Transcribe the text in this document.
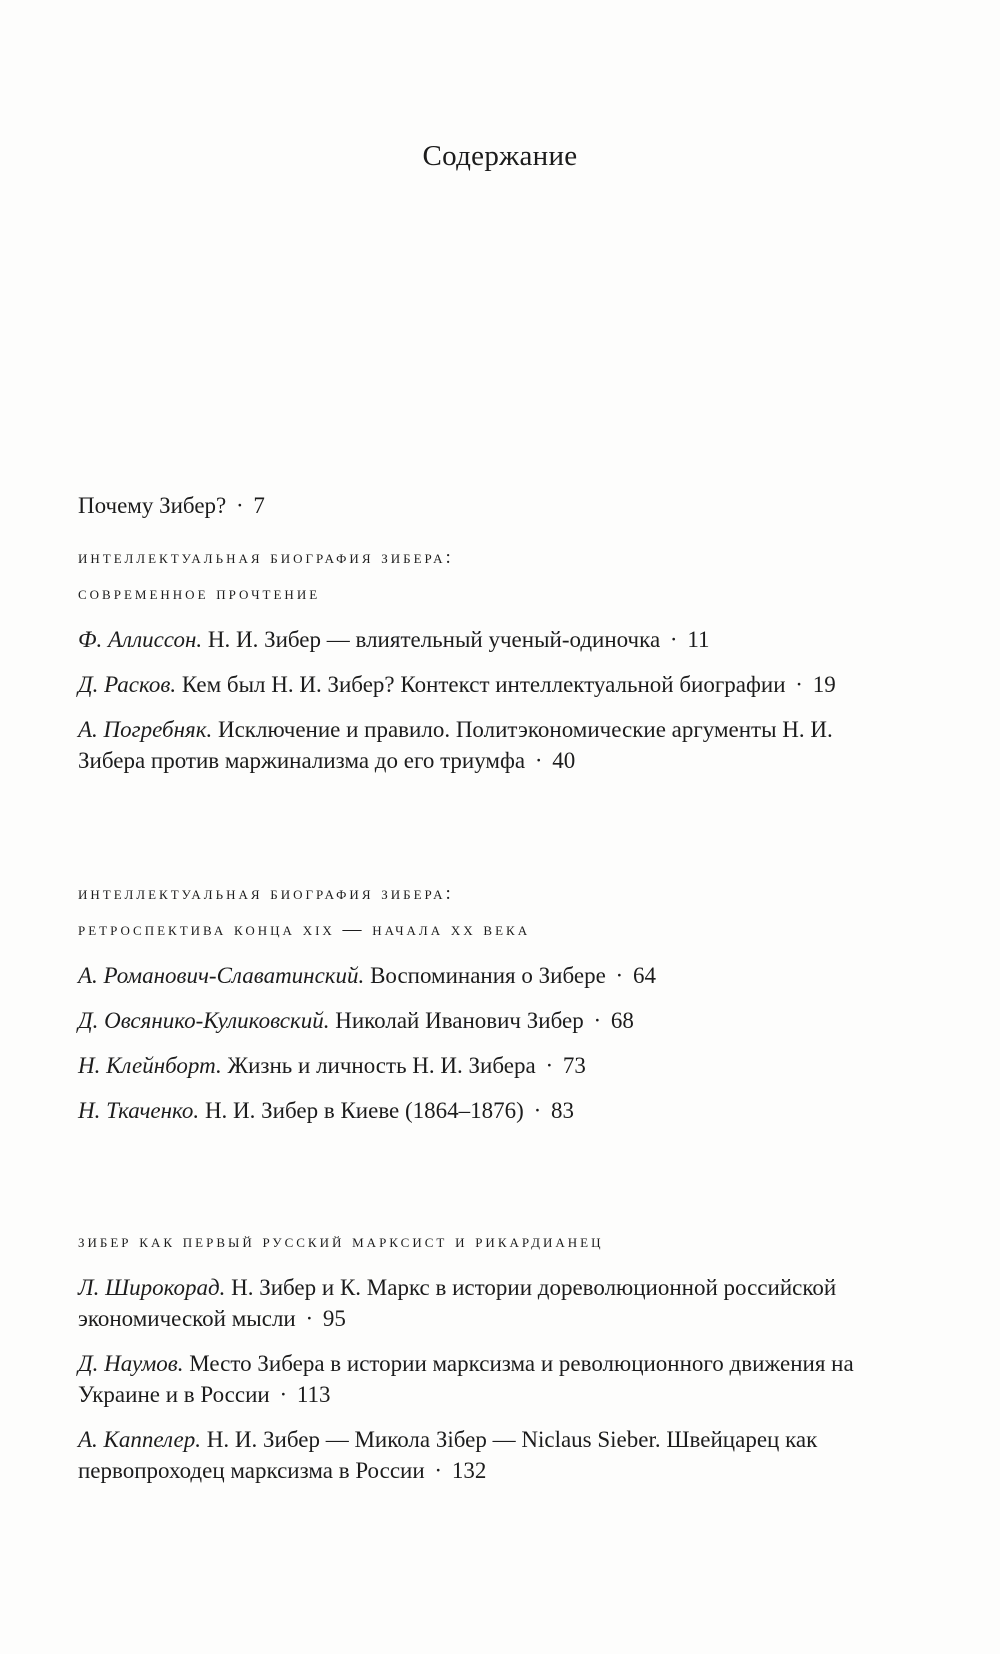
Содержание
Почему Зибер? · 7
интеллектуальная биография зибера:
современное прочтение
Ф. Аллиссон. Н. И. Зибер — влиятельный ученый-одиночка · 11
Д. Расков. Кем был Н. И. Зибер? Контекст интеллектуальной биографии · 19
А. Погребняк. Исключение и правило. Политэкономические аргументы Н. И. Зибера против маржинализма до его триумфа · 40
интеллектуальная биография зибера:
ретроспектива конца xix — начала xx века
А. Романович-Славатинский. Воспоминания о Зибере · 64
Д. Овсянико-Куликовский. Николай Иванович Зибер · 68
Н. Клейнборт. Жизнь и личность Н. И. Зибера · 73
Н. Ткаченко. Н. И. Зибер в Киеве (1864–1876) · 83
зибер как первый русский марксист и рикардианец
Л. Широкорад. Н. Зибер и К. Маркс в истории дореволюционной российской экономической мысли · 95
Д. Наумов. Место Зибера в истории марксизма и революционного движения на Украине и в России · 113
А. Каппелер. Н. И. Зибер — Микола Зібер — Niclaus Sieber. Швейцарец как первопроходец марксизма в России · 132
